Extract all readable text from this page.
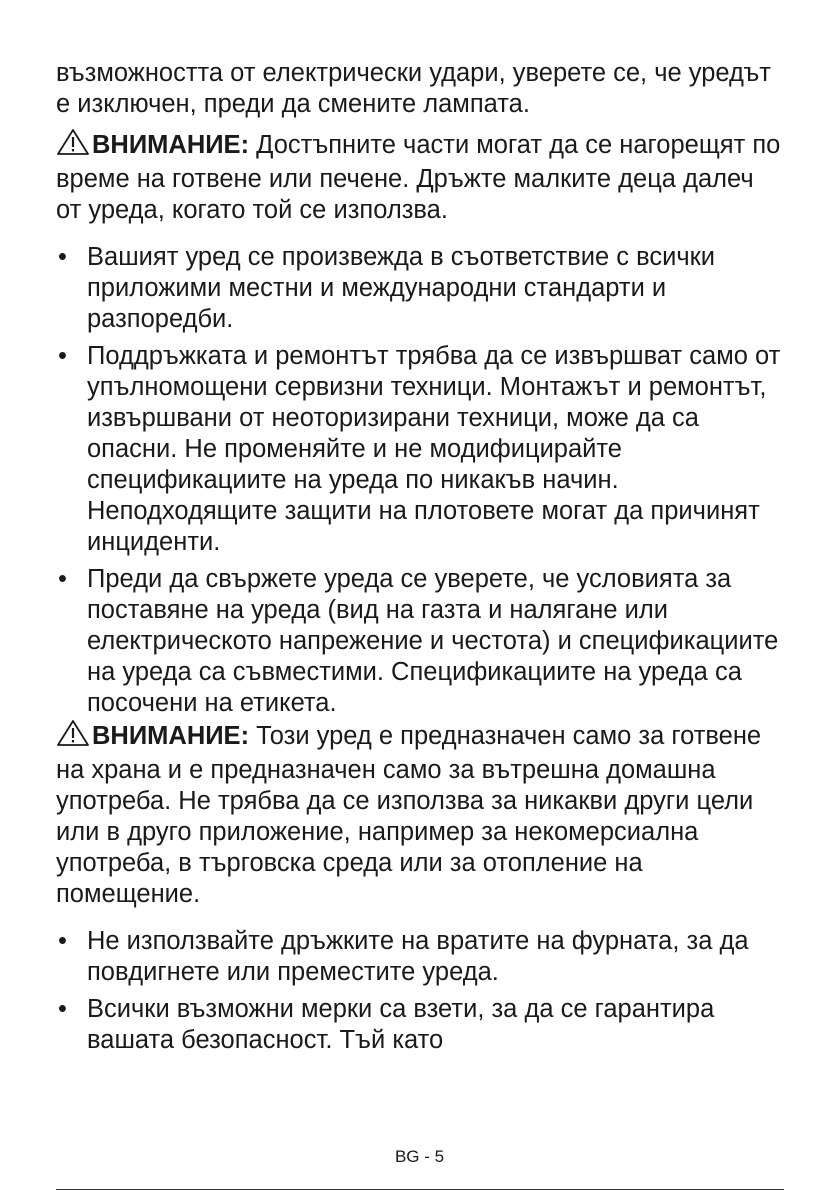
възможността от електрически удари, уверете се, че уредът е изключен, преди да смените лампата.

ВНИМАНИЕ: Достъпните части могат да се нагорещят по време на готвене или печене. Дръжте малките деца далеч от уреда, когато той се използва.

• Вашият уред се произвежда в съответствие с всички приложими местни и международни стандарти и разпоредби.
• Поддръжката и ремонтът трябва да се извършват само от упълномощени сервизни техници. Монтажът и ремонтът, извършвани от неоторизирани техници, може да са опасни. Не променяйте и не модифицирайте спецификациите на уреда по никакъв начин. Неподходящите защити на плотовете могат да причинят инциденти.
• Преди да свържете уреда се уверете, че условията за поставяне на уреда (вид на газта и налягане или електрическото напрежение и честота) и спецификациите на уреда са съвместими. Спецификациите на уреда са посочени на етикета.

ВНИМАНИЕ: Този уред е предназначен само за готвене на храна и е предназначен само за вътрешна домашна употреба. Не трябва да се използва за никакви други цели или в друго приложение, например за некомерсиална употреба, в търговска среда или за отопление на помещение.

• Не използвайте дръжките на вратите на фурната, за да повдигнете или преместите уреда.
• Всички възможни мерки са взети, за да се гарантира вашата безопасност. Тъй като
BG - 5
